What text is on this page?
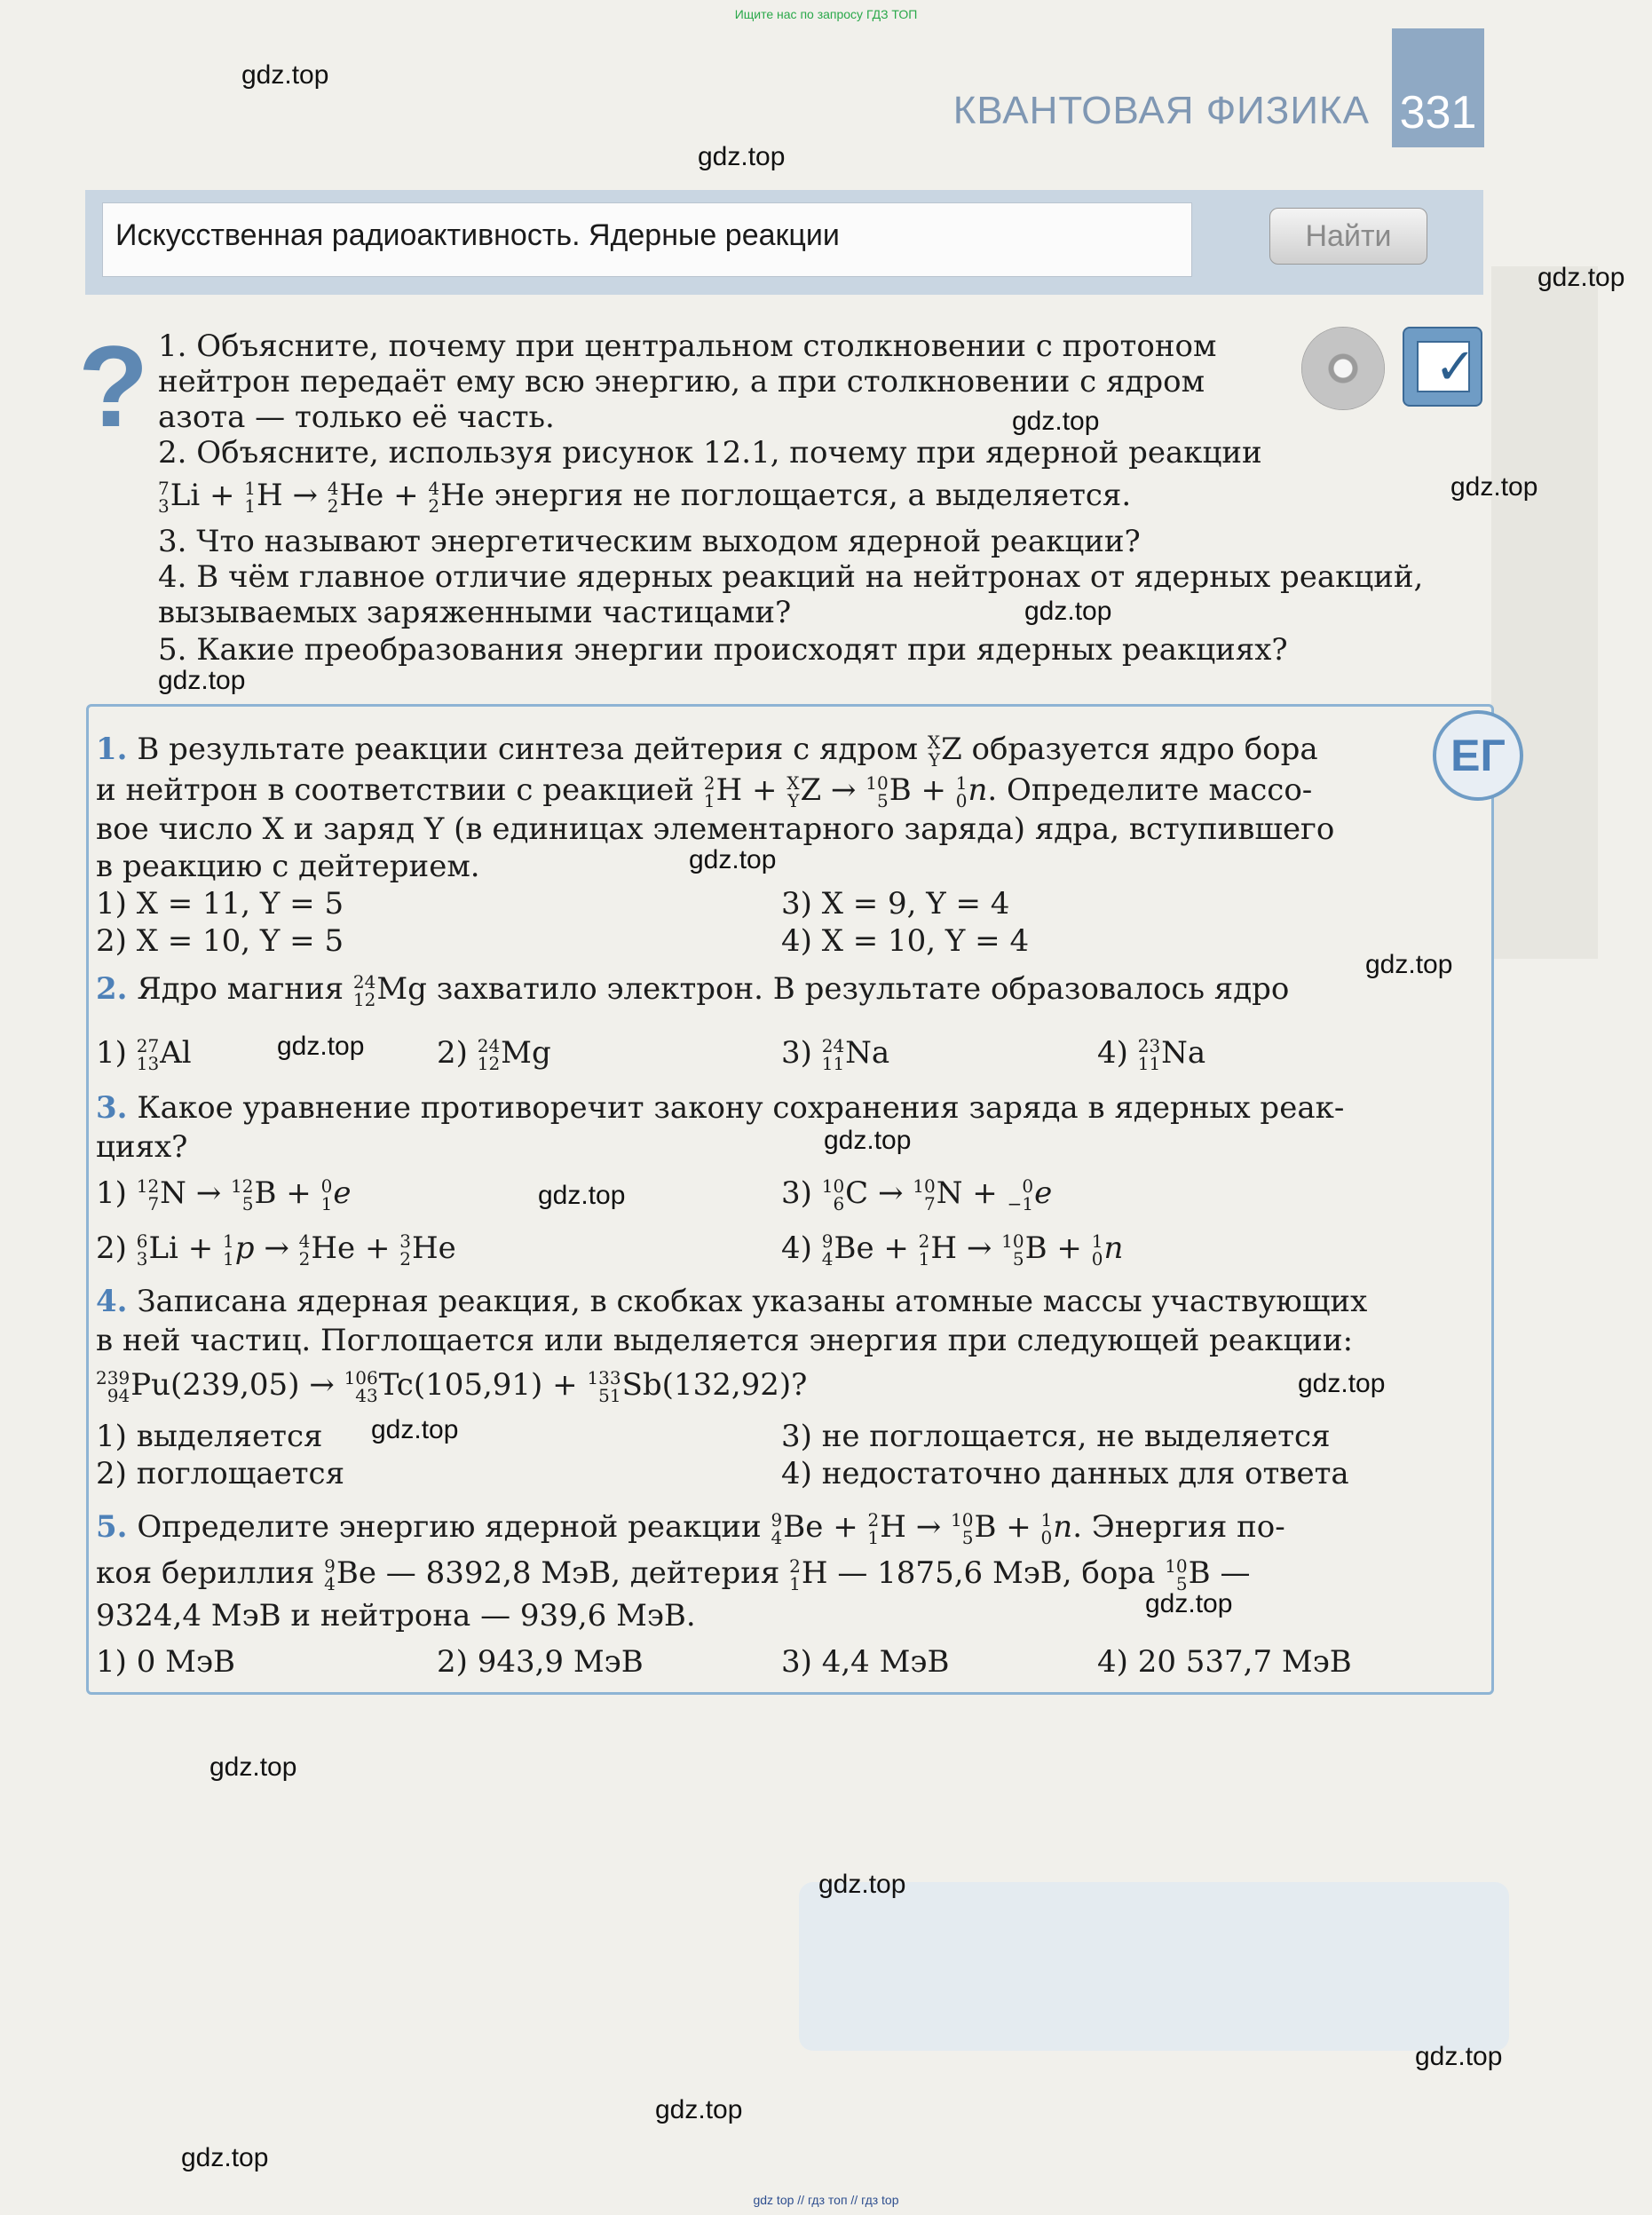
Ищите нас по запросу ГДЗ ТОП
КВАНТОВАЯ ФИЗИКА 331
Искусственная радиоактивность. Ядерные реакции	Найти
?	✓
1. Объясните, почему при центральном столкновении с протоном
нейтрон передаёт ему всю энергию, а при столкновении с ядром
азота — только её часть.
2. Объясните, используя рисунок 12.1, почему при ядерной реакции
7
3 Li + 1
1 H → 4
2 He + 4
2 He энергия не поглощается, а выделяется.
3. Что называют энергетическим выходом ядерной реакции?
4. В чём главное отличие ядерных реакций на нейтронах от ядерных реакций,
вызываемых заряженными частицами?
5. Какие преобразования энергии происходят при ядерных реакциях?
ЕГ
1. В результате реакции синтеза дейтерия с ядром X
Y Z образуется ядро бора
и нейтрон в соответствии с реакцией 2
1 H + X
Y Z → 10
5 B + 1
0 n. Определите массо-
вое число X и заряд Y (в единицах элементарного заряда) ядра, вступившего
в реакцию с дейтерием.
1) X = 11, Y = 5
2) X = 10, Y = 5
3) X = 9, Y = 4
4) X = 10, Y = 4
2. Ядро магния 24
12 Mg захватило электрон. В результате образовалось ядро
1) 27
13 Al	2) 24
12 Mg	3) 24
11 Na	4) 23
11 Na
3. Какое уравнение противоречит закону сохранения заряда в ядерных реак-
циях?
1) 12
7 N → 12
5 B + 0
1 e
2) 6
3 Li + 1
1 p → 4
2 He + 3
2 He
3) 10
6 C → 10
7 N + 0
−1 e
4) 9
4 Be + 2
1 H → 10
5 B + 1
0 n
4. Записана ядерная реакция, в скобках указаны атомные массы участвующих
в ней частиц. Поглощается или выделяется энергия при следующей реакции:
239
94 Pu(239,05) → 106
43 Tc(105,91) + 133
51 Sb(132,92)?
1) выделяется
2) поглощается
3) не поглощается, не выделяется
4) недостаточно данных для ответа
5. Определите энергию ядерной реакции 9
4 Be + 2
1 H → 10
5 B + 1
0 n. Энергия по-
коя бериллия 9
4 Be — 8392,8 МэВ, дейтерия 2
1 H — 1875,6 МэВ, бора 10
5 B —
9324,4 МэВ и нейтрона — 939,6 МэВ.
1) 0 МэВ	2) 943,9 МэВ	3) 4,4 МэВ	4) 20 537,7 МэВ
gdz.top
gdz.top
gdz.top
gdz.top
gdz.top
gdz.top
gdz.top
gdz.top
gdz.top
gdz.top
gdz.top
gdz.top
gdz.top
gdz.top
gdz.top
gdz.top
gdz.top
gdz.top
gdz.top
gdz.top
gdz top // гдз топ // гдз top
